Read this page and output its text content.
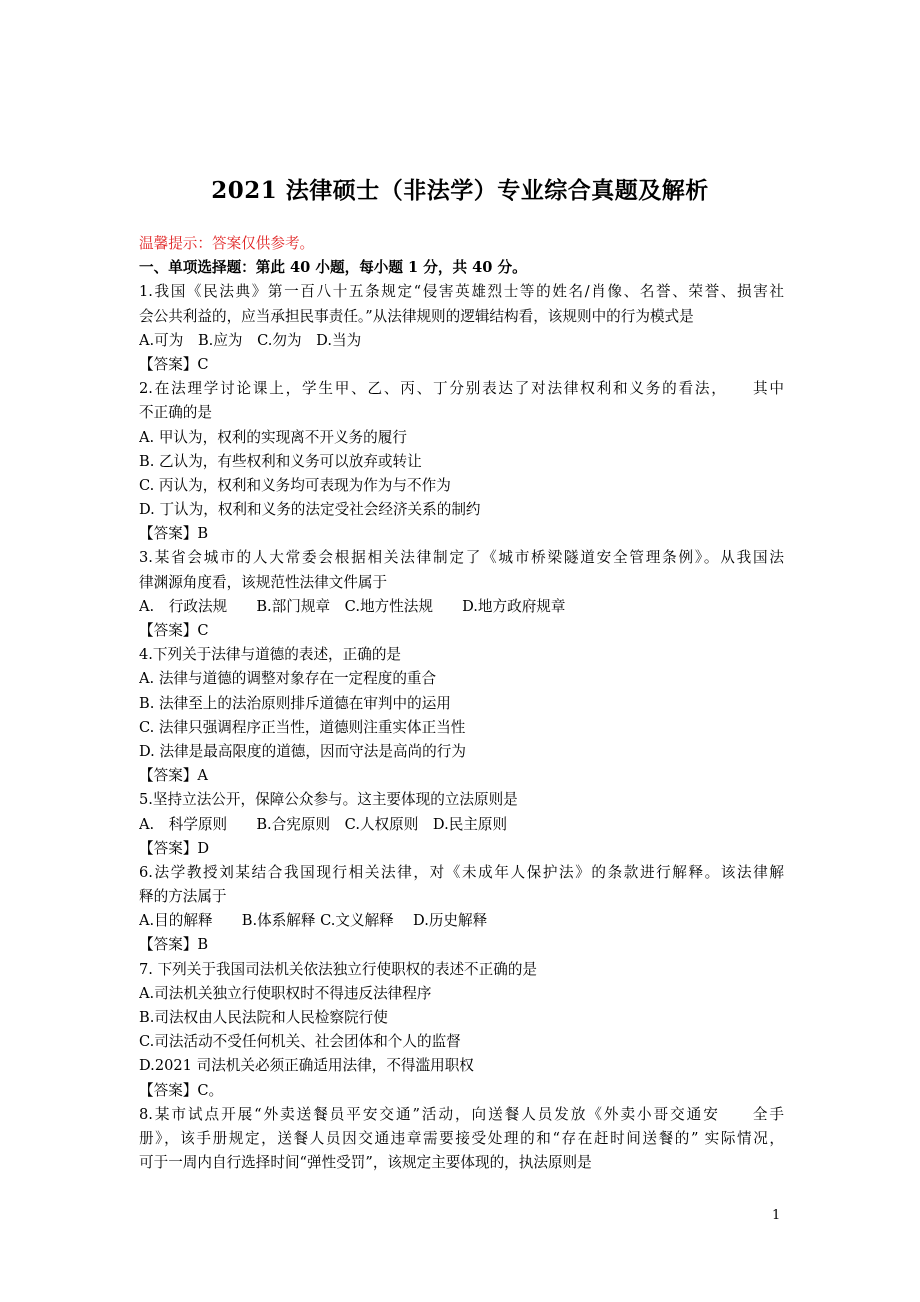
2021 法律硕士（非法学）专业综合真题及解析
温馨提示：答案仅供参考。
一、单项选择题：第此 40 小题，每小题 1 分，共 40 分。
1.我国《民法典》第一百八十五条规定“侵害英雄烈士等的姓名/肖像、名誉、荣誉、损害社
会公共利益的，应当承担民事责任。”从法律规则的逻辑结构看，该规则中的行为模式是
A.可为　B.应为　C.勿为　D.当为
【答案】C
2.在法理学讨论课上，学生甲、乙、丙、丁分别表达了对法律权利和义务的看法，　　其中
不正确的是
A. 甲认为，权利的实现离不开义务的履行
B. 乙认为，有些权利和义务可以放弃或转让
C. 丙认为，权利和义务均可表现为作为与不作为
D. 丁认为，权利和义务的法定受社会经济关系的制约
【答案】B
3.某省会城市的人大常委会根据相关法律制定了《城市桥梁隧道安全管理条例》。从我国法
律渊源角度看，该规范性法律文件属于
A.　行政法规　　B.部门规章　C.地方性法规　　D.地方政府规章
【答案】C
4.下列关于法律与道德的表述，正确的是
A. 法律与道德的调整对象存在一定程度的重合
B. 法律至上的法治原则排斥道德在审判中的运用
C. 法律只强调程序正当性，道德则注重实体正当性
D. 法律是最高限度的道德，因而守法是高尚的行为
【答案】A
5.坚持立法公开，保障公众参与。这主要体现的立法原则是
A.　科学原则　　B.合宪原则　C.人权原则　D.民主原则
【答案】D
6.法学教授刘某结合我国现行相关法律，对《未成年人保护法》的条款进行解释。该法律解
释的方法属于
A.目的解释　　B.体系解释 C.文义解释　 D.历史解释
【答案】B
7. 下列关于我国司法机关依法独立行使职权的表述不正确的是
A.司法机关独立行使职权时不得违反法律程序
B.司法权由人民法院和人民检察院行使
C.司法活动不受任何机关、社会团体和个人的监督
D.2021 司法机关必须正确适用法律，不得滥用职权
【答案】C。
8.某市试点开展“外卖送餐员平安交通”活动，向送餐人员发放《外卖小哥交通安　　全手
册》，该手册规定，送餐人员因交通违章需要接受处理的和“存在赶时间送餐的” 实际情况，
可于一周内自行选择时间“弹性受罚”，该规定主要体现的，执法原则是
1
